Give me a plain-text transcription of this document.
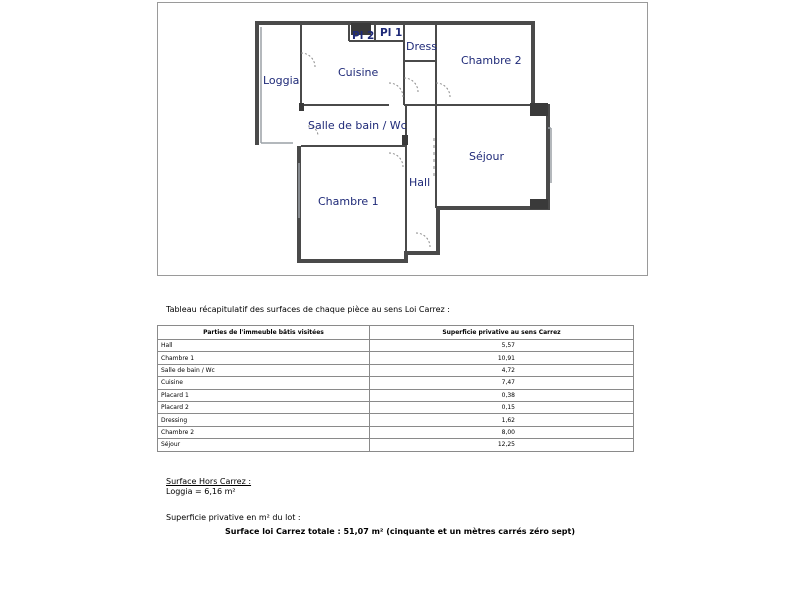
Loggia
Cuisine
Pl 2 Pl 1
Dress
Chambre 2
Salle de bain / Wc
Séjour
Hall
Chambre 1
Tableau récapitulatif des surfaces de chaque pièce au sens Loi Carrez :
Parties de l'immeuble bâtis visitées	Superficie privative au sens Carrez
Hall	5,57
Chambre 1	10,91
Salle de bain / Wc	4,72
Cuisine	7,47
Placard 1	0,38
Placard 2	0,15
Dressing	1,62
Chambre 2	8,00
Séjour	12,25
Surface Hors Carrez :
Loggia = 6,16 m²
Superficie privative en m² du lot :
Surface loi Carrez totale : 51,07 m² (cinquante et un mètres carrés zéro sept)
